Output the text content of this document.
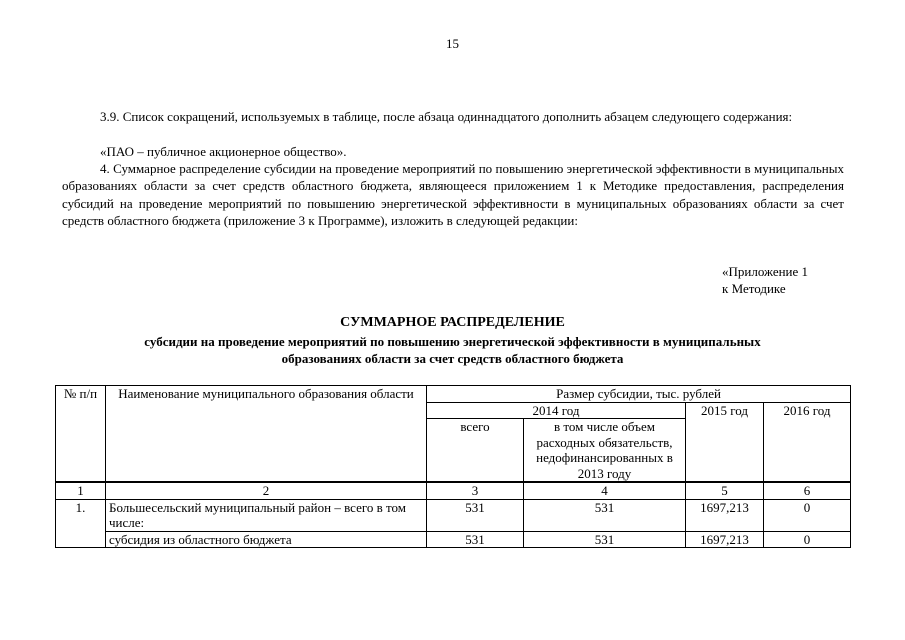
15
3.9. Список сокращений, используемых в таблице, после абзаца одиннадцатого дополнить абзацем следующего содержания:
«ПАО – публичное акционерное общество».
4. Суммарное распределение субсидии на проведение мероприятий по повышению энергетической эффективности в муниципальных образованиях области за счет средств областного бюджета, являющееся приложением 1 к Методике предоставления, распределения субсидий на проведение мероприятий по повышению энергетической эффективности в муниципальных образованиях области за счет средств областного бюджета (приложение 3 к Программе), изложить в следующей редакции:
«Приложение 1
к Методике
СУММАРНОЕ РАСПРЕДЕЛЕНИЕ
субсидии на проведение мероприятий по повышению энергетической эффективности в муниципальных
образованиях области за счет средств областного бюджета
№ п/п	Наименование муниципального образования области	Размер субсидии, тыс. рублей			
		2014 год		2015 год	2016 год
		всего	в том числе объем расходных обязательств, недофинансированных в 2013 году		
1	2	3	4	5	6
1.	Большесельский муниципальный район – всего в том числе:	531	531	1697,213	0
	субсидия из областного бюджета	531	531	1697,213	0
